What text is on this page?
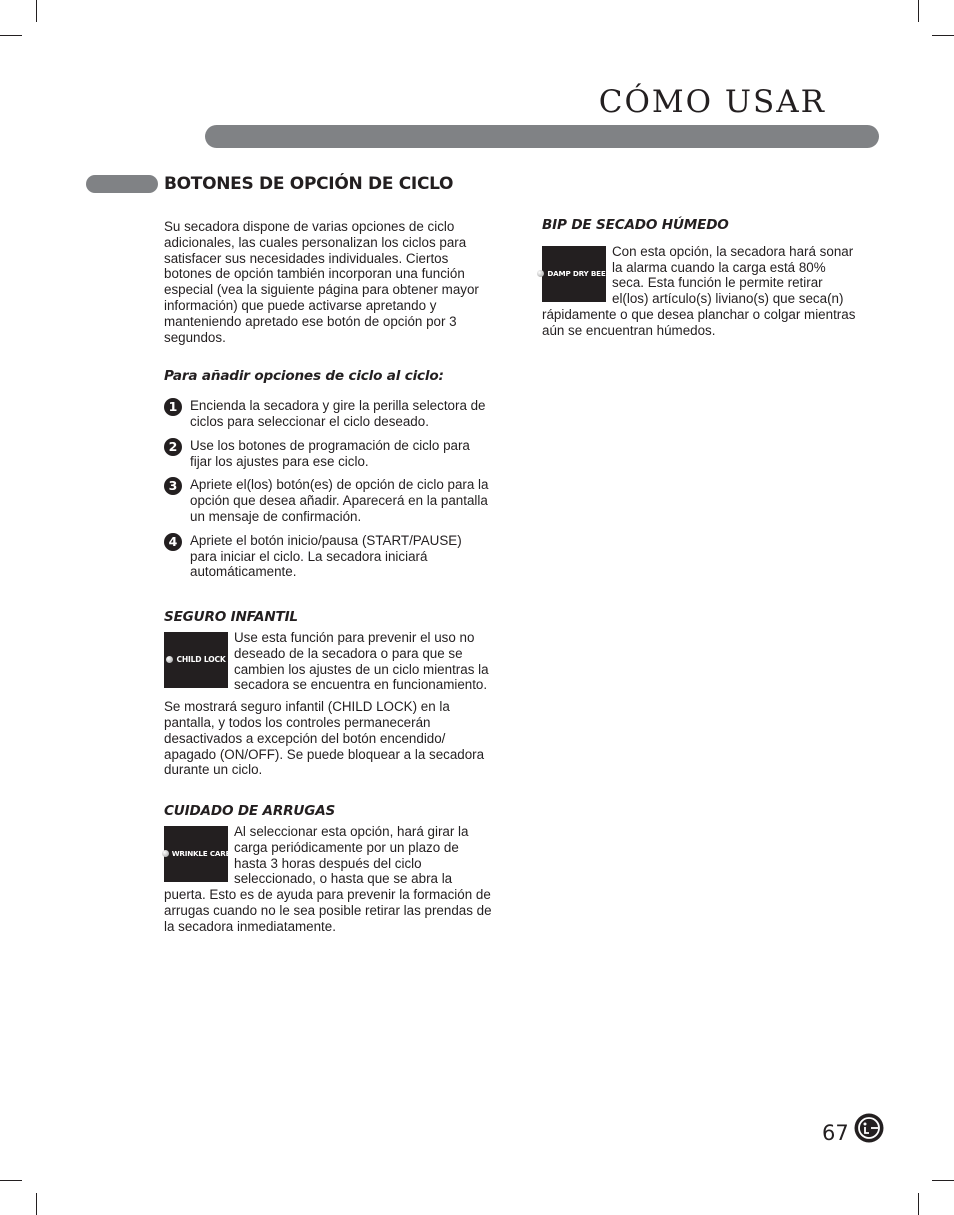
CÓMO USAR
BOTONES DE OPCIÓN DE CICLO

Su secadora dispone de varias opciones de ciclo adicionales, las cuales personalizan los ciclos para satisfacer sus necesidades individuales. Ciertos botones de opción también incorporan una función especial (vea la siguiente página para obtener mayor información) que puede activarse apretando y manteniendo apretado ese botón de opción por 3 segundos.

Para añadir opciones de ciclo al ciclo:

1 Encienda la secadora y gire la perilla selectora de ciclos para seleccionar el ciclo deseado.
2 Use los botones de programación de ciclo para fijar los ajustes para ese ciclo.
3 Apriete el(los) botón(es) de opción de ciclo para la opción que desea añadir. Aparecerá en la pantalla un mensaje de confirmación.
4 Apriete el botón inicio/pausa (START/PAUSE) para iniciar el ciclo. La secadora iniciará automáticamente.

SEGURO INFANTIL

CHILD LOCK

Use esta función para prevenir el uso no deseado de la secadora o para que se cambien los ajustes de un ciclo mientras la secadora se encuentra en funcionamiento.

Se mostrará seguro infantil (CHILD LOCK) en la pantalla, y todos los controles permanecerán desactivados a excepción del botón encendido/ apagado (ON/OFF). Se puede bloquear a la secadora durante un ciclo.

CUIDADO DE ARRUGAS

WRINKLE CARE

Al seleccionar esta opción, hará girar la carga periódicamente por un plazo de hasta 3 horas después del ciclo seleccionado, o hasta que se abra la puerta. Esto es de ayuda para prevenir la formación de arrugas cuando no le sea posible retirar las prendas de la secadora inmediatamente.

BIP DE SECADO HÚMEDO

DAMP DRY BEEP

Con esta opción, la secadora hará sonar la alarma cuando la carga está 80% seca. Esta función le permite retirar el(los) artículo(s) liviano(s) que seca(n) rápidamente o que desea planchar o colgar mientras aún se encuentran húmedos.

67
